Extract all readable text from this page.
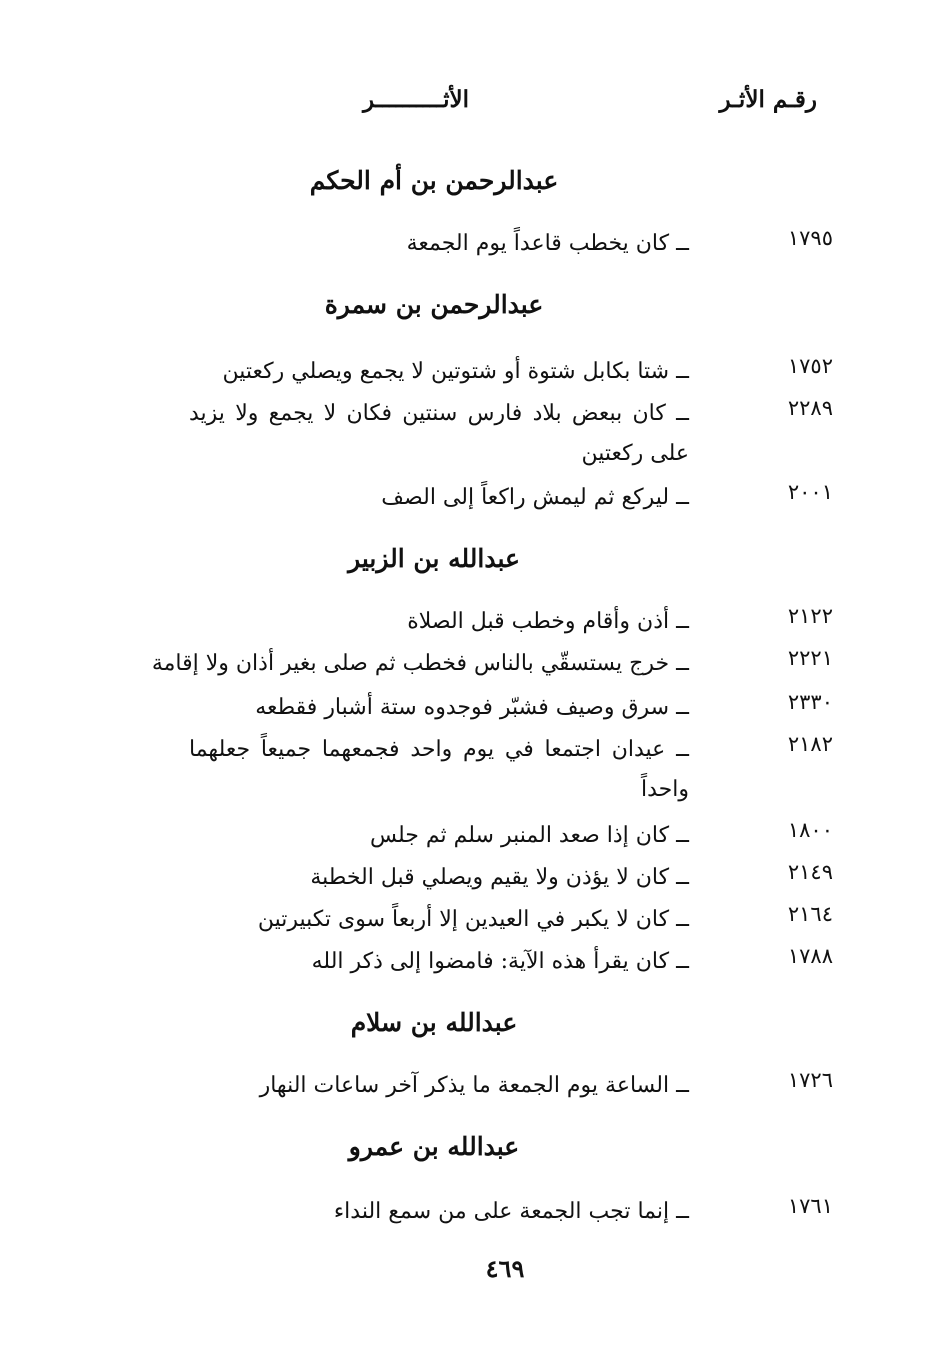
رقـم الأثـر
الأثــــــــــر
عبدالرحمن بن أم الحكم
١٧٩٥
ــ كان يخطب قاعداً يوم الجمعة
عبدالرحمن بن سمرة
١٧٥٢
ــ شتا بكابل شتوة أو شتوتين لا يجمع ويصلي ركعتين
٢٢٨٩
ــ كان ببعض بلاد فارس سنتين فكان لا يجمع ولا يزيد على ركعتين
٢٠٠١
ــ ليركع ثم ليمش راكعاً إلى الصف
عبدالله بن الزبير
٢١٢٢
ــ أذن وأقام وخطب قبل الصلاة
٢٢٢١
ــ خرج يستسقّي بالناس فخطب ثم صلى بغير أذان ولا إقامة
٢٣٣٠
ــ سرق وصيف فشبّر فوجدوه ستة أشبار فقطعه
٢١٨٢
ــ عيدان اجتمعا في يوم واحد فجمعهما جميعاً جعلهما واحداً
١٨٠٠
ــ كان إذا صعد المنبر سلم ثم جلس
٢١٤٩
ــ كان لا يؤذن ولا يقيم ويصلي قبل الخطبة
٢١٦٤
ــ كان لا يكبر في العيدين إلا أربعاً سوى تكبيرتين
١٧٨٨
ــ كان يقرأ هذه الآية: فامضوا إلى ذكر الله
عبدالله بن سلام
١٧٢٦
ــ الساعة يوم الجمعة ما يذكر آخر ساعات النهار
عبدالله بن عمرو
١٧٦١
ــ إنما تجب الجمعة على من سمع النداء
٤٦٩
